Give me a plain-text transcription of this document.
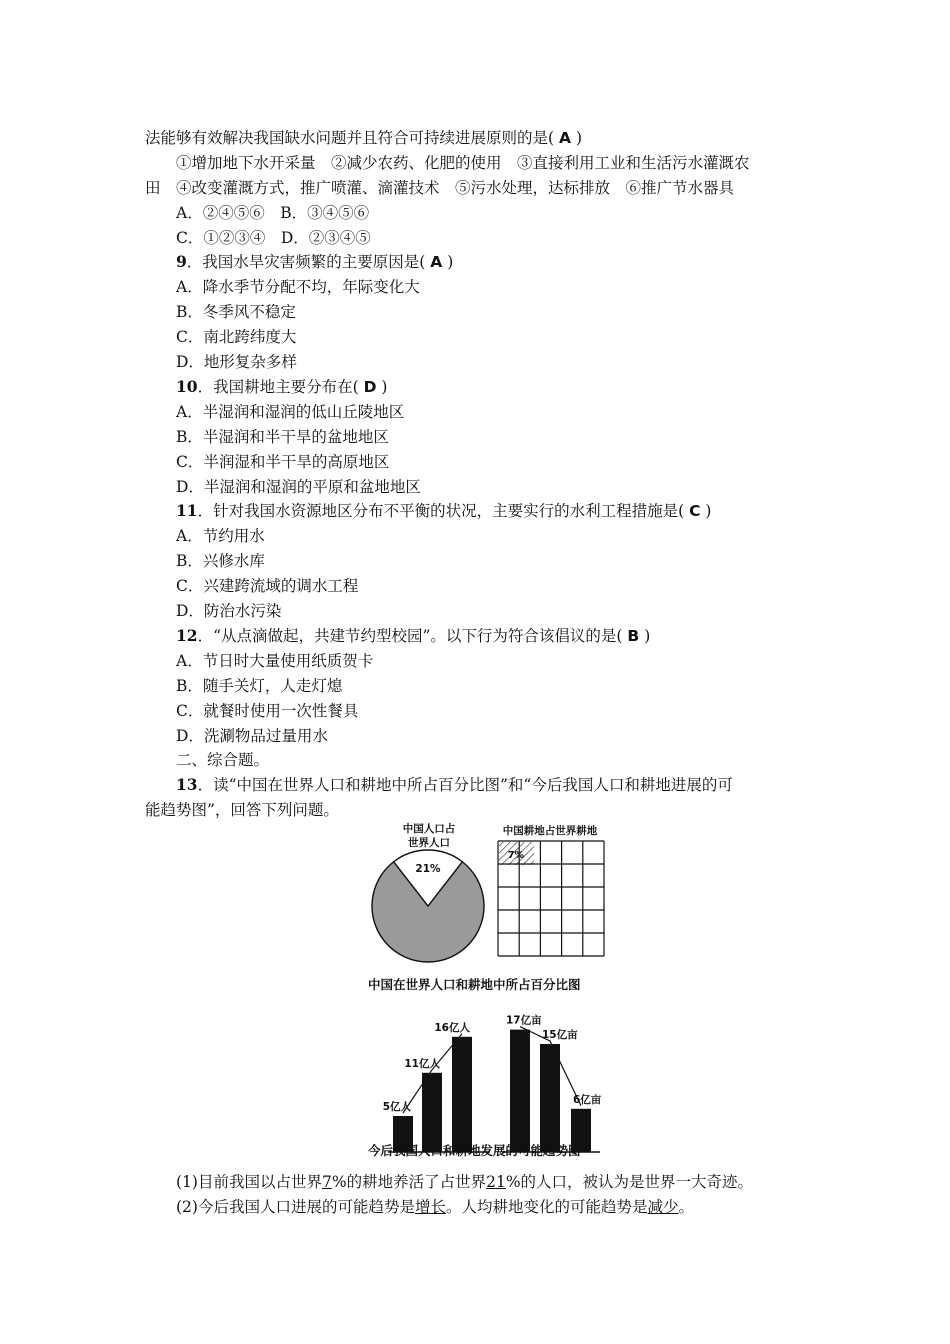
法能够有效解决我国缺水问题并且符合可持续进展原则的是( A )
①增加地下水开采量　②减少农药、化肥的使用　③直接利用工业和生活污水灌溉农
田　④改变灌溉方式，推广喷灌、滴灌技术　⑤污水处理，达标排放　⑥推广节水器具
A．②④⑤⑥　B．③④⑤⑥
C．①②③④　D．②③④⑤
9．我国水旱灾害频繁的主要原因是( A )
A．降水季节分配不均，年际变化大
B．冬季风不稳定
C．南北跨纬度大
D．地形复杂多样
10．我国耕地主要分布在( D )
A．半湿润和湿润的低山丘陵地区
B．半湿润和半干旱的盆地地区
C．半润湿和半干旱的高原地区
D．半湿润和湿润的平原和盆地地区
11．针对我国水资源地区分布不平衡的状况，主要实行的水利工程措施是( C )
A．节约用水
B．兴修水库
C．兴建跨流域的调水工程
D．防治水污染
12．“从点滴做起，共建节约型校园”。以下行为符合该倡议的是( B )
A．节日时大量使用纸质贺卡
B．随手关灯，人走灯熄
C．就餐时使用一次性餐具
D．洗涮物品过量用水
二、综合题。
13．读“中国在世界人口和耕地中所占百分比图”和“今后我国人口和耕地进展的可
能趋势图”，回答下列问题。
中国人口占
世界人口
21%
中国耕地占世界耕地
7%
5亿人
11亿人
16亿人
17亿亩
15亿亩
6亿亩
中国在世界人口和耕地中所占百分比图
今后我国人口和耕地发展的可能趋势图
(1)目前我国以占世界7%的耕地养活了占世界21%的人口，被认为是世界一大奇迹。
(2)今后我国人口进展的可能趋势是增长。人均耕地变化的可能趋势是减少。
